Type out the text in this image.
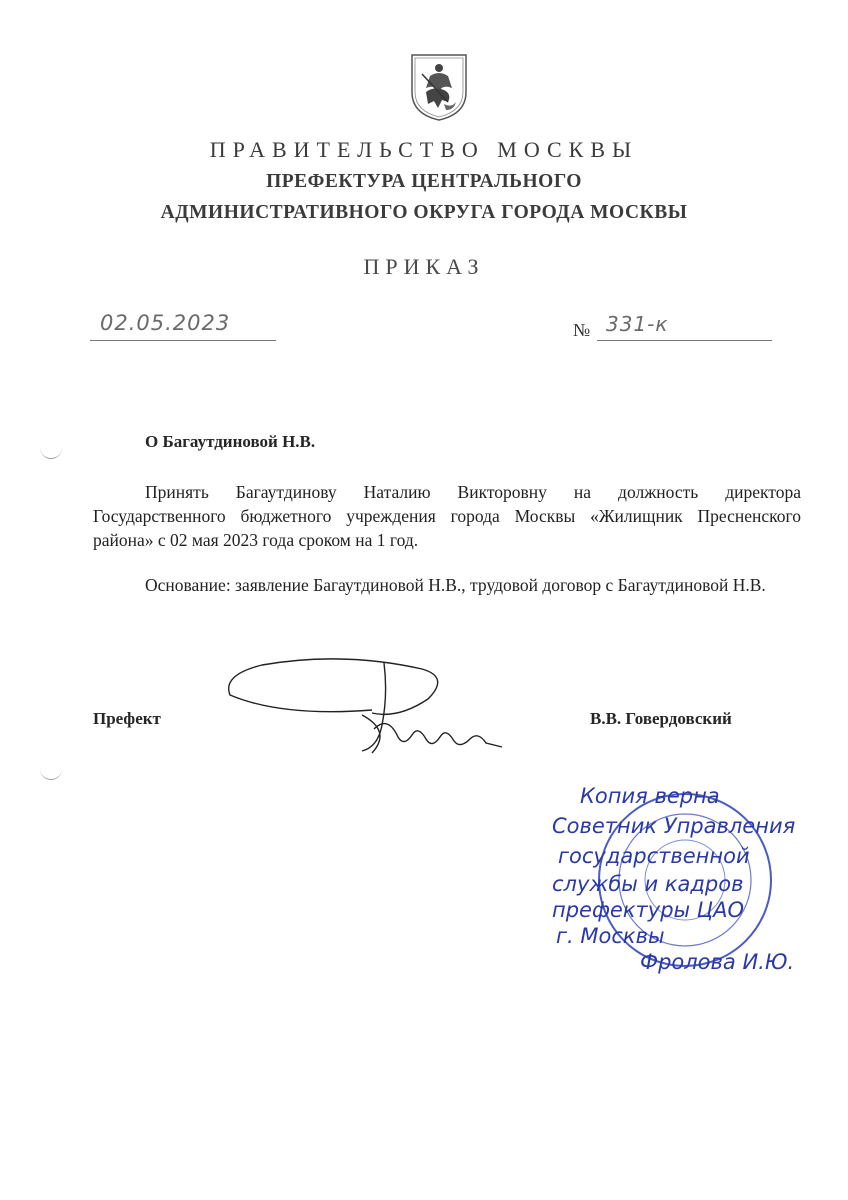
ПРАВИТЕЛЬСТВО МОСКВЫ
ПРЕФЕКТУРА ЦЕНТРАЛЬНОГО
АДМИНИСТРАТИВНОГО ОКРУГА ГОРОДА МОСКВЫ
ПРИКАЗ
02.05.2023	№ 331-к
О Багаутдиновой Н.В.
Принять Багаутдинову Наталию Викторовну на должность директора Государственного бюджетного учреждения города Москвы «Жилищник Пресненского района» с 02 мая 2023 года сроком на 1 год.
Основание: заявление Багаутдиновой Н.В., трудовой договор с Багаутдиновой Н.В.
Префект	В.В. Говердовский
Копия верна
Советник Управления
государственной
службы и кадров
префектуры ЦАО
г. Москвы
Фролова И.Ю.
